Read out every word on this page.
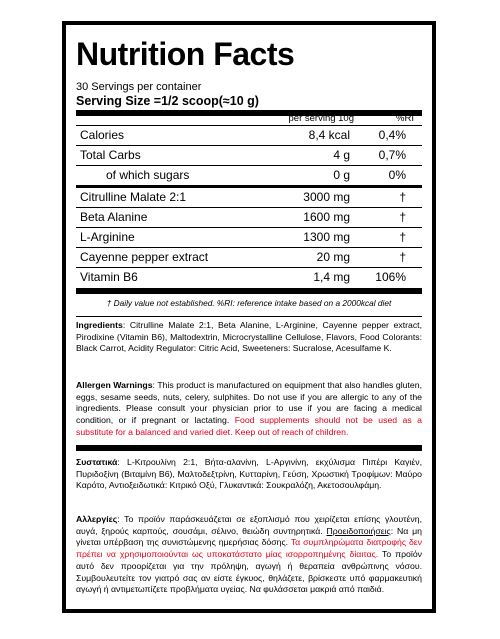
Nutrition Facts
30 Servings per container
Serving Size =1/2 scoop(≈10 g)
per serving 10g	%RI
Calories	8,4 kcal 0,4%
Total Carbs	4 g 0,7%
of which sugars	0 g	0%
Citrulline Malate 2:1	3000 mg	†
Beta Alanine	1600 mg	†
L-Arginine	1300 mg	†
Cayenne pepper extract	20 mg	†
Vitamin B6	1,4 mg 106%
† Daily value not established. %RI: reference intake based on a 2000kcal diet
Ingredients: Citrulline Malate 2:1, Beta Alanine, L-Arginine, Cayenne pepper extract, Pirodixine (Vitamin B6), Maltodextrin, Microcrystalline Cellulose, Flavors, Food Colorants: Black Carrot, Acidity Regulator: Citric Acid, Sweeteners: Sucralose, Acesulfame K.
Allergen Warnings: This product is manufactured on equipment that also handles gluten, eggs, sesame seeds, nuts, celery, sulphites. Do not use if you are allergic to any of the ingredients. Please consult your physician prior to use if you are facing a medical condition, or if pregnant or lactating. Food supplements should not be used as a substitute for a balanced and varied diet. Keep out of reach of children.
Συστατικά: L-Κιτρουλίνη 2:1, Βήτα-αλανίνη, L-Αργινίνη, εκχύλισμα Πιπέρι Καγιέν, Πυριδοξίνη (Βιταμίνη Β6), Μαλτοδεξτρίνη, Κυτταρίνη, Γεύση, Χρωστική Τροφίμων: Μαύρο Καρότο, Αντιοξειδωτικά: Κιτρικό Οξύ, Γλυκαντικά: Σουκραλόζη, Ακετοσουλφάμη.
Αλλεργίες: Το προϊόν παράσκευάζεται σε εξοπλισμό που χειρίζεται επίσης γλουτένη, αυγά, ξηρούς καρπούς, σουσάμι, σέλινο, θειώδη συντηρητικά. Προειδοποιήσεις: Να μη γίνεται υπέρβαση της συνιστώμενης ημερήσιας δόσης. Τα συμπληρώματα διατροφής δεν πρέπει να χρησιμοποιούνται ως υποκατάστατο μίας ισορροπημένης δίαιτας. Το προϊόν αυτό δεν προορίζεται για την πρόληψη, αγωγή ή θεραπεία ανθρώπινης νόσου. Συμβουλευτείτε τον γιατρό σας αν είστε έγκυος, θηλάζετε, βρίσκεστε υπό φαρμακευτική αγωγή ή αντιμετωπίζετε προβλήματα υγείας. Να φυλάσσεται μακριά από παιδιά.
